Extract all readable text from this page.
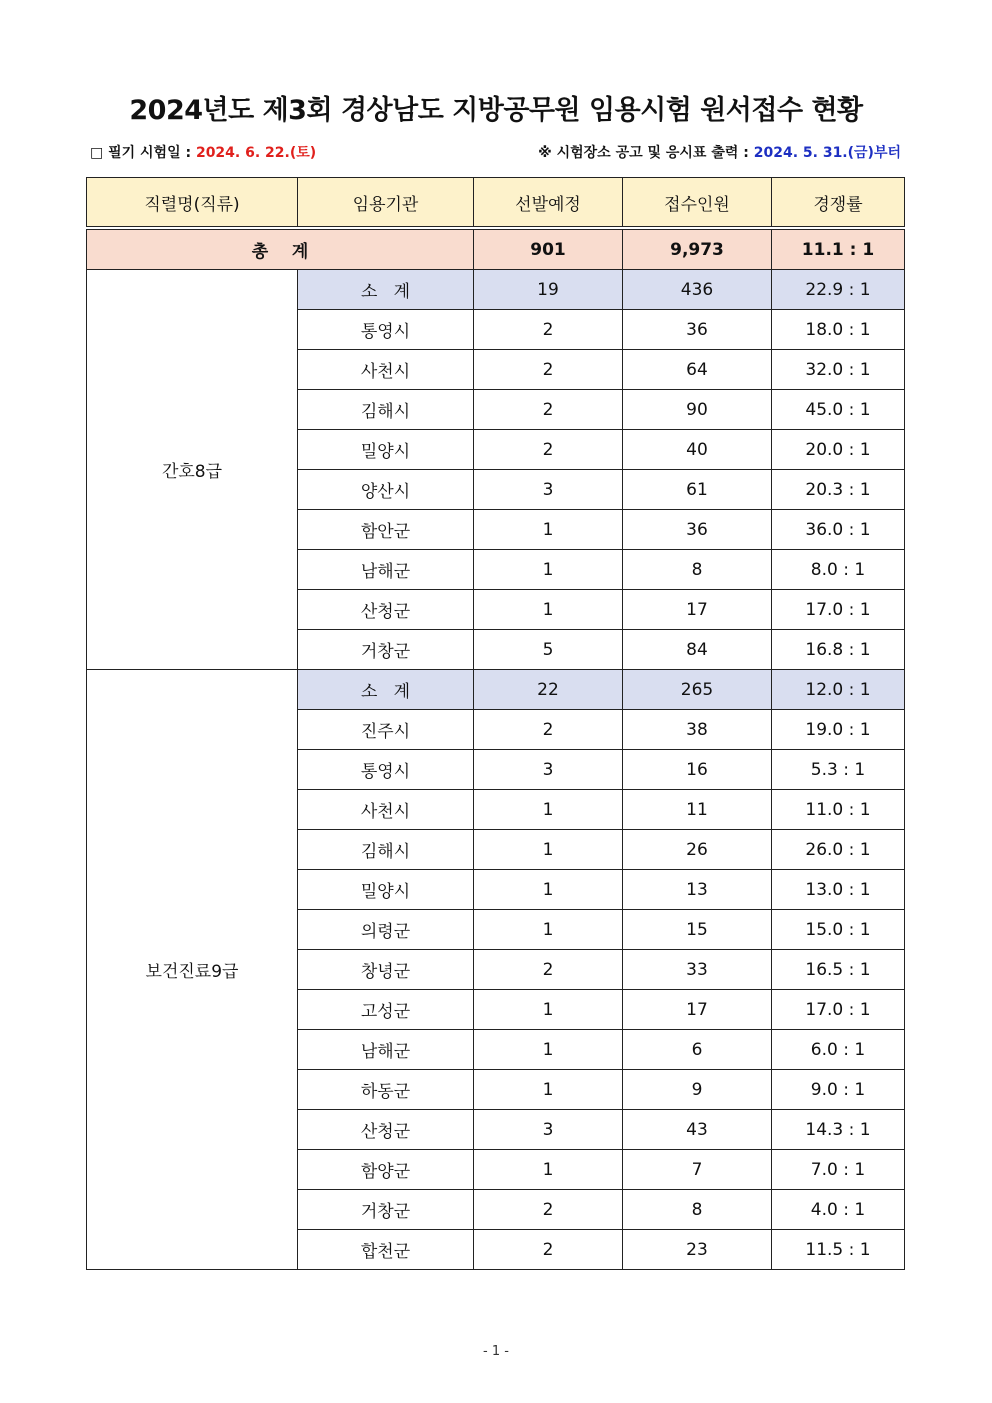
2024년도 제3회 경상남도 지방공무원 임용시험 원서접수 현황
□ 필기 시험일 : 2024. 6. 22.(토)	※ 시험장소 공고 및 응시표 출력 : 2024. 5. 31.(금)부터
직렬명(직류)	임용기관	선발예정	접수인원	경쟁률

총    계		901	9,973	11.1 : 1
간호8급	소   계	19	436	22.9 : 1
	통영시	2	36	18.0 : 1
	사천시	2	64	32.0 : 1
	김해시	2	90	45.0 : 1
	밀양시	2	40	20.0 : 1
	양산시	3	61	20.3 : 1
	함안군	1	36	36.0 : 1
	남해군	1	8	8.0 : 1
	산청군	1	17	17.0 : 1
	거창군	5	84	16.8 : 1
보건진료9급	소   계	22	265	12.0 : 1
	진주시	2	38	19.0 : 1
	통영시	3	16	5.3 : 1
	사천시	1	11	11.0 : 1
	김해시	1	26	26.0 : 1
	밀양시	1	13	13.0 : 1
	의령군	1	15	15.0 : 1
	창녕군	2	33	16.5 : 1
	고성군	1	17	17.0 : 1
	남해군	1	6	6.0 : 1
	하동군	1	9	9.0 : 1
	산청군	3	43	14.3 : 1
	함양군	1	7	7.0 : 1
	거창군	2	8	4.0 : 1
	합천군	2	23	11.5 : 1
- 1 -
